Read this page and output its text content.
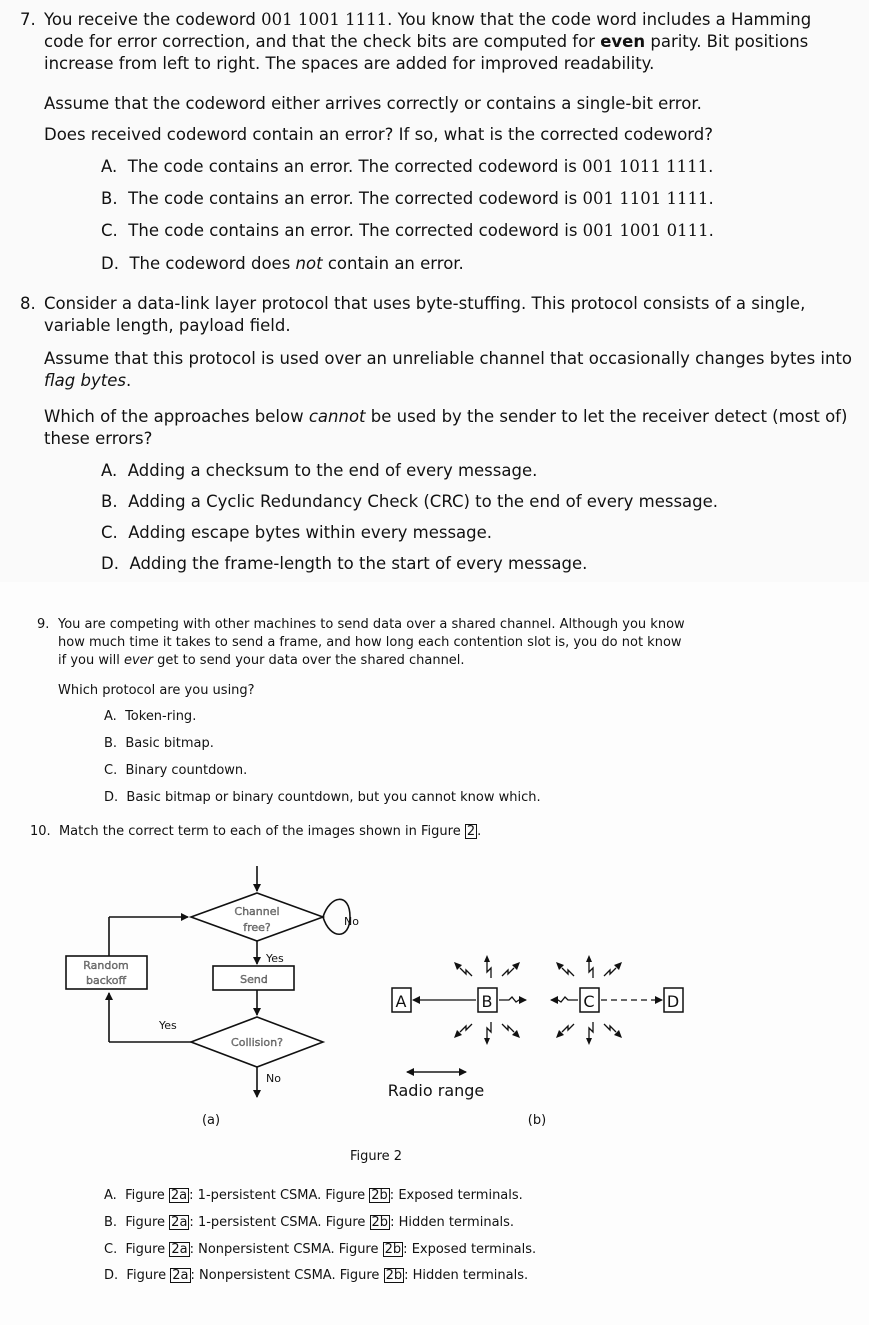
7. You receive the codeword 001 1001 1111. You know that the code word includes a Hamming
code for error correction, and that the check bits are computed for even parity. Bit positions
increase from left to right. The spaces are added for improved readability.
Assume that the codeword either arrives correctly or contains a single-bit error.
Does received codeword contain an error? If so, what is the corrected codeword?
A. The code contains an error. The corrected codeword is 001 1011 1111.
B. The code contains an error. The corrected codeword is 001 1101 1111.
C. The code contains an error. The corrected codeword is 001 1001 0111.
D.  The codeword does not contain an error.
8. Consider a data-link layer protocol that uses byte-stuffing. This protocol consists of a single,
variable length, payload field.
Assume that this protocol is used over an unreliable channel that occasionally changes bytes into
flag bytes.
Which of the approaches below cannot be used by the sender to let the receiver detect (most of)
these errors?
A. Adding a checksum to the end of every message.
B. Adding a Cyclic Redundancy Check (CRC) to the end of every message.
C. Adding escape bytes within every message.
D. Adding the frame-length to the start of every message.
9. You are competing with other machines to send data over a shared channel. Although you know
how much time it takes to send a frame, and how long each contention slot is, you do not know
if you will ever get to send your data over the shared channel.
Which protocol are you using?
A. Token-ring.
B. Basic bitmap.
C. Binary countdown.
D. Basic bitmap or binary countdown, but you cannot know which.
10. Match the correct term to each of the images shown in Figure 2 .
Channel
free?
Send
Collision?
Random
backoff
No
Yes
Yes
No
(a)
A	B	C	D
Radio range
(b)
Figure 2
A. Figure 2a : 1-persistent CSMA. Figure 2b : Exposed terminals.
B. Figure 2a : 1-persistent CSMA. Figure 2b : Hidden terminals.
C. Figure 2a : Nonpersistent CSMA. Figure 2b : Exposed terminals.
D. Figure 2a : Nonpersistent CSMA. Figure 2b : Hidden terminals.
